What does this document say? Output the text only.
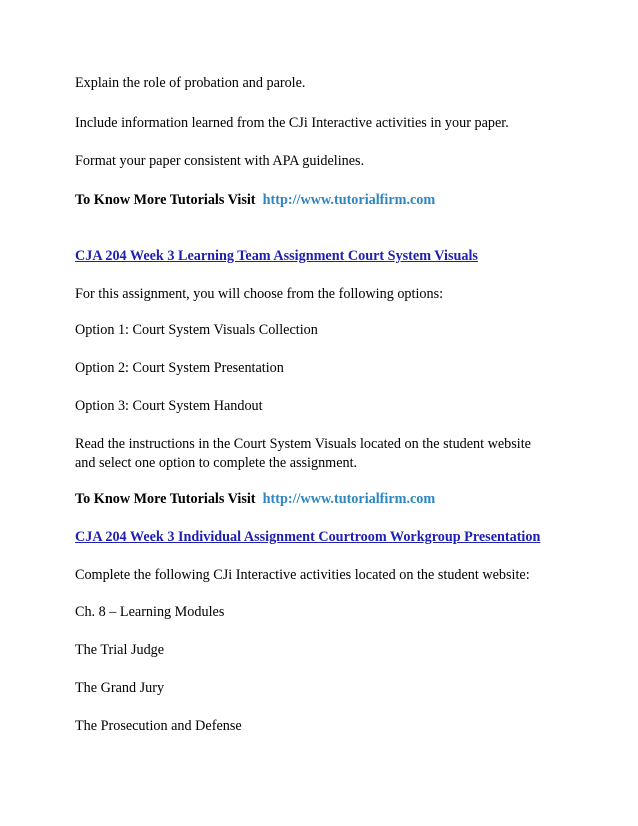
Explain the role of probation and parole.
Include information learned from the CJi Interactive activities in your paper.
Format your paper consistent with APA guidelines.
To Know More Tutorials Visit http://www.tutorialfirm.com
CJA 204 Week 3 Learning Team Assignment Court System Visuals
For this assignment, you will choose from the following options:
Option 1: Court System Visuals Collection
Option 2: Court System Presentation
Option 3: Court System Handout
Read the instructions in the Court System Visuals located on the student website
and select one option to complete the assignment.
To Know More Tutorials Visit http://www.tutorialfirm.com
CJA 204 Week 3 Individual Assignment Courtroom Workgroup Presentation
Complete the following CJi Interactive activities located on the student website:
Ch. 8 – Learning Modules
The Trial Judge
The Grand Jury
The Prosecution and Defense
